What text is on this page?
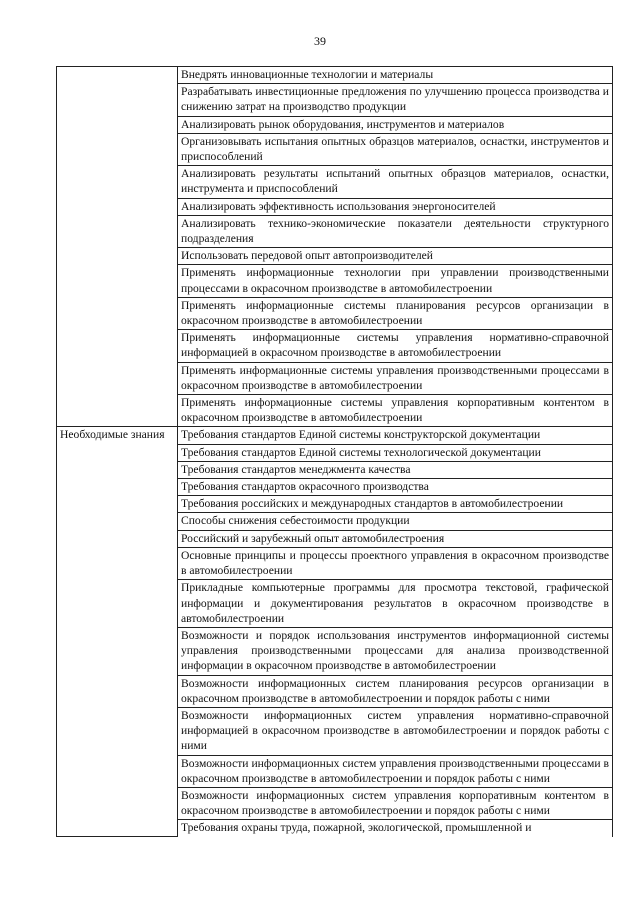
39
	Внедрять инновационные технологии и материалы
	Разрабатывать инвестиционные предложения по улучшению процесса производства и снижению затрат на производство продукции
	Анализировать рынок оборудования, инструментов и материалов
	Организовывать испытания опытных образцов материалов, оснастки, инструментов и приспособлений
	Анализировать результаты испытаний опытных образцов материалов, оснастки, инструмента и приспособлений
	Анализировать эффективность использования энергоносителей
	Анализировать технико-экономические показатели деятельности структурного подразделения
	Использовать передовой опыт автопроизводителей
	Применять информационные технологии при управлении производственными процессами в окрасочном производстве в автомобилестроении
	Применять информационные системы планирования ресурсов организации в окрасочном производстве в автомобилестроении
	Применять информационные системы управления нормативно-справочной информацией в окрасочном производстве в автомобилестроении
	Применять информационные системы управления производственными процессами в окрасочном производстве в автомобилестроении
	Применять информационные системы управления корпоративным контентом в окрасочном производстве в автомобилестроении
Необходимые знания	Требования стандартов Единой системы конструкторской документации
	Требования стандартов Единой системы технологической документации
	Требования стандартов менеджмента качества
	Требования стандартов окрасочного производства
	Требования российских и международных стандартов в автомобилестроении
	Способы снижения себестоимости продукции
	Российский и зарубежный опыт автомобилестроения
	Основные принципы и процессы проектного управления в окрасочном производстве в автомобилестроении
	Прикладные компьютерные программы для просмотра текстовой, графической информации и документирования результатов в окрасочном производстве в автомобилестроении
	Возможности и порядок использования инструментов информационной системы управления производственными процессами для анализа производственной информации в окрасочном производстве в автомобилестроении
	Возможности информационных систем планирования ресурсов организации в окрасочном производстве в автомобилестроении и порядок работы с ними
	Возможности информационных систем управления нормативно-справочной информацией в окрасочном производстве в автомобилестроении и порядок работы с ними
	Возможности информационных систем управления производственными процессами в окрасочном производстве в автомобилестроении и порядок работы с ними
	Возможности информационных систем управления корпоративным контентом в окрасочном производстве в автомобилестроении и порядок работы с ними
	Требования охраны труда, пожарной, экологической, промышленной и
